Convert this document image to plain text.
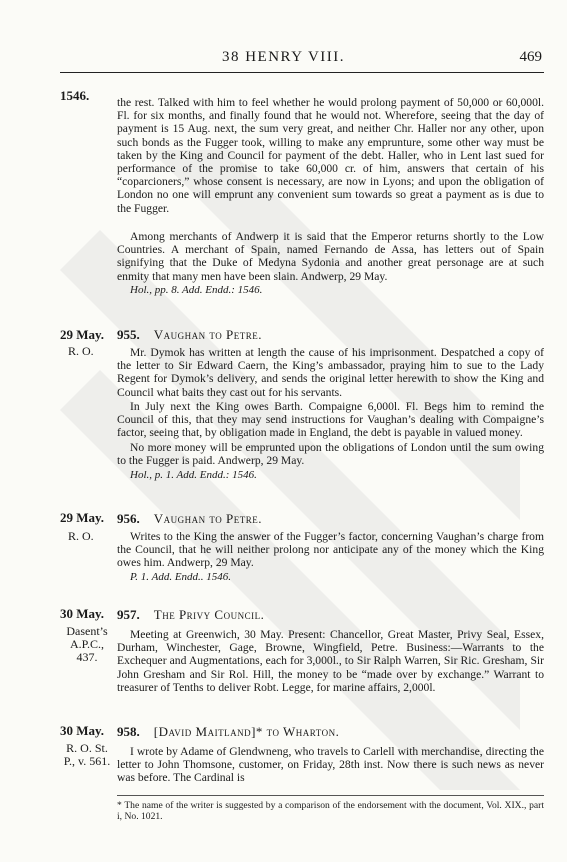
38 HENRY VIII.	469
1546. the rest. Talked with him to feel whether he would prolong payment of 50,000 or 60,000l. Fl. for six months, and finally found that he would not. Wherefore, seeing that the day of payment is 15 Aug. next, the sum very great, and neither Chr. Haller nor any other, upon such bonds as the Fugger took, willing to make any emprunture, some other way must be taken by the King and Council for payment of the debt. Haller, who in Lent last sued for performance of the promise to take 60,000 cr. of him, answers that certain of his “coparcioners,” whose consent is necessary, are now in Lyons; and upon the obligation of London no one will emprunt any convenient sum towards so great a payment as is due to the Fugger.
Among merchants of Andwerp it is said that the Emperor returns shortly to the Low Countries. A merchant of Spain, named Fernando de Assa, has letters out of Spain signifying that the Duke of Medyna Sydonia and another great personage are at such enmity that many men have been slain. Andwerp, 29 May.
Hol., pp. 8. Add. Endd.: 1546.
29 May.
R. O.
955. Vaughan to Petre.
Mr. Dymok has written at length the cause of his imprisonment. Despatched a copy of the letter to Sir Edward Caern, the King’s ambassador, praying him to sue to the Lady Regent for Dymok’s delivery, and sends the original letter herewith to show the King and Council what baits they cast out for his servants.
In July next the King owes Barth. Compaigne 6,000l. Fl. Begs him to remind the Council of this, that they may send instructions for Vaughan’s dealing with Compaigne’s factor, seeing that, by obligation made in England, the debt is payable in valued money.
No more money will be emprunted upon the obligations of London until the sum owing to the Fugger is paid. Andwerp, 29 May.
Hol., p. 1. Add. Endd.: 1546.
29 May.
R. O.
956. Vaughan to Petre.
Writes to the King the answer of the Fugger’s factor, concerning Vaughan’s charge from the Council, that he will neither prolong nor anticipate any of the money which the King owes him. Andwerp, 29 May.
P. 1. Add. Endd.. 1546.
30 May.
Dasent’s A.P.C., 437.
957. The Privy Council.
Meeting at Greenwich, 30 May. Present: Chancellor, Great Master, Privy Seal, Essex, Durham, Winchester, Gage, Browne, Wingfield, Petre. Business:—Warrants to the Exchequer and Augmentations, each for 3,000l., to Sir Ralph Warren, Sir Ric. Gresham, Sir John Gresham and Sir Rol. Hill, the money to be “made over by exchange.” Warrant to treasurer of Tenths to deliver Robt. Legge, for marine affairs, 2,000l.
30 May.
R. O. St. P., v. 561.
958. [David Maitland]* to Wharton.
I wrote by Adame of Glendwneng, who travels to Carlell with merchandise, directing the letter to John Thomsone, customer, on Friday, 28th inst. Now there is such news as never was before. The Cardinal is
* The name of the writer is suggested by a comparison of the endorsement with the document, Vol. XIX., part i, No. 1021.
